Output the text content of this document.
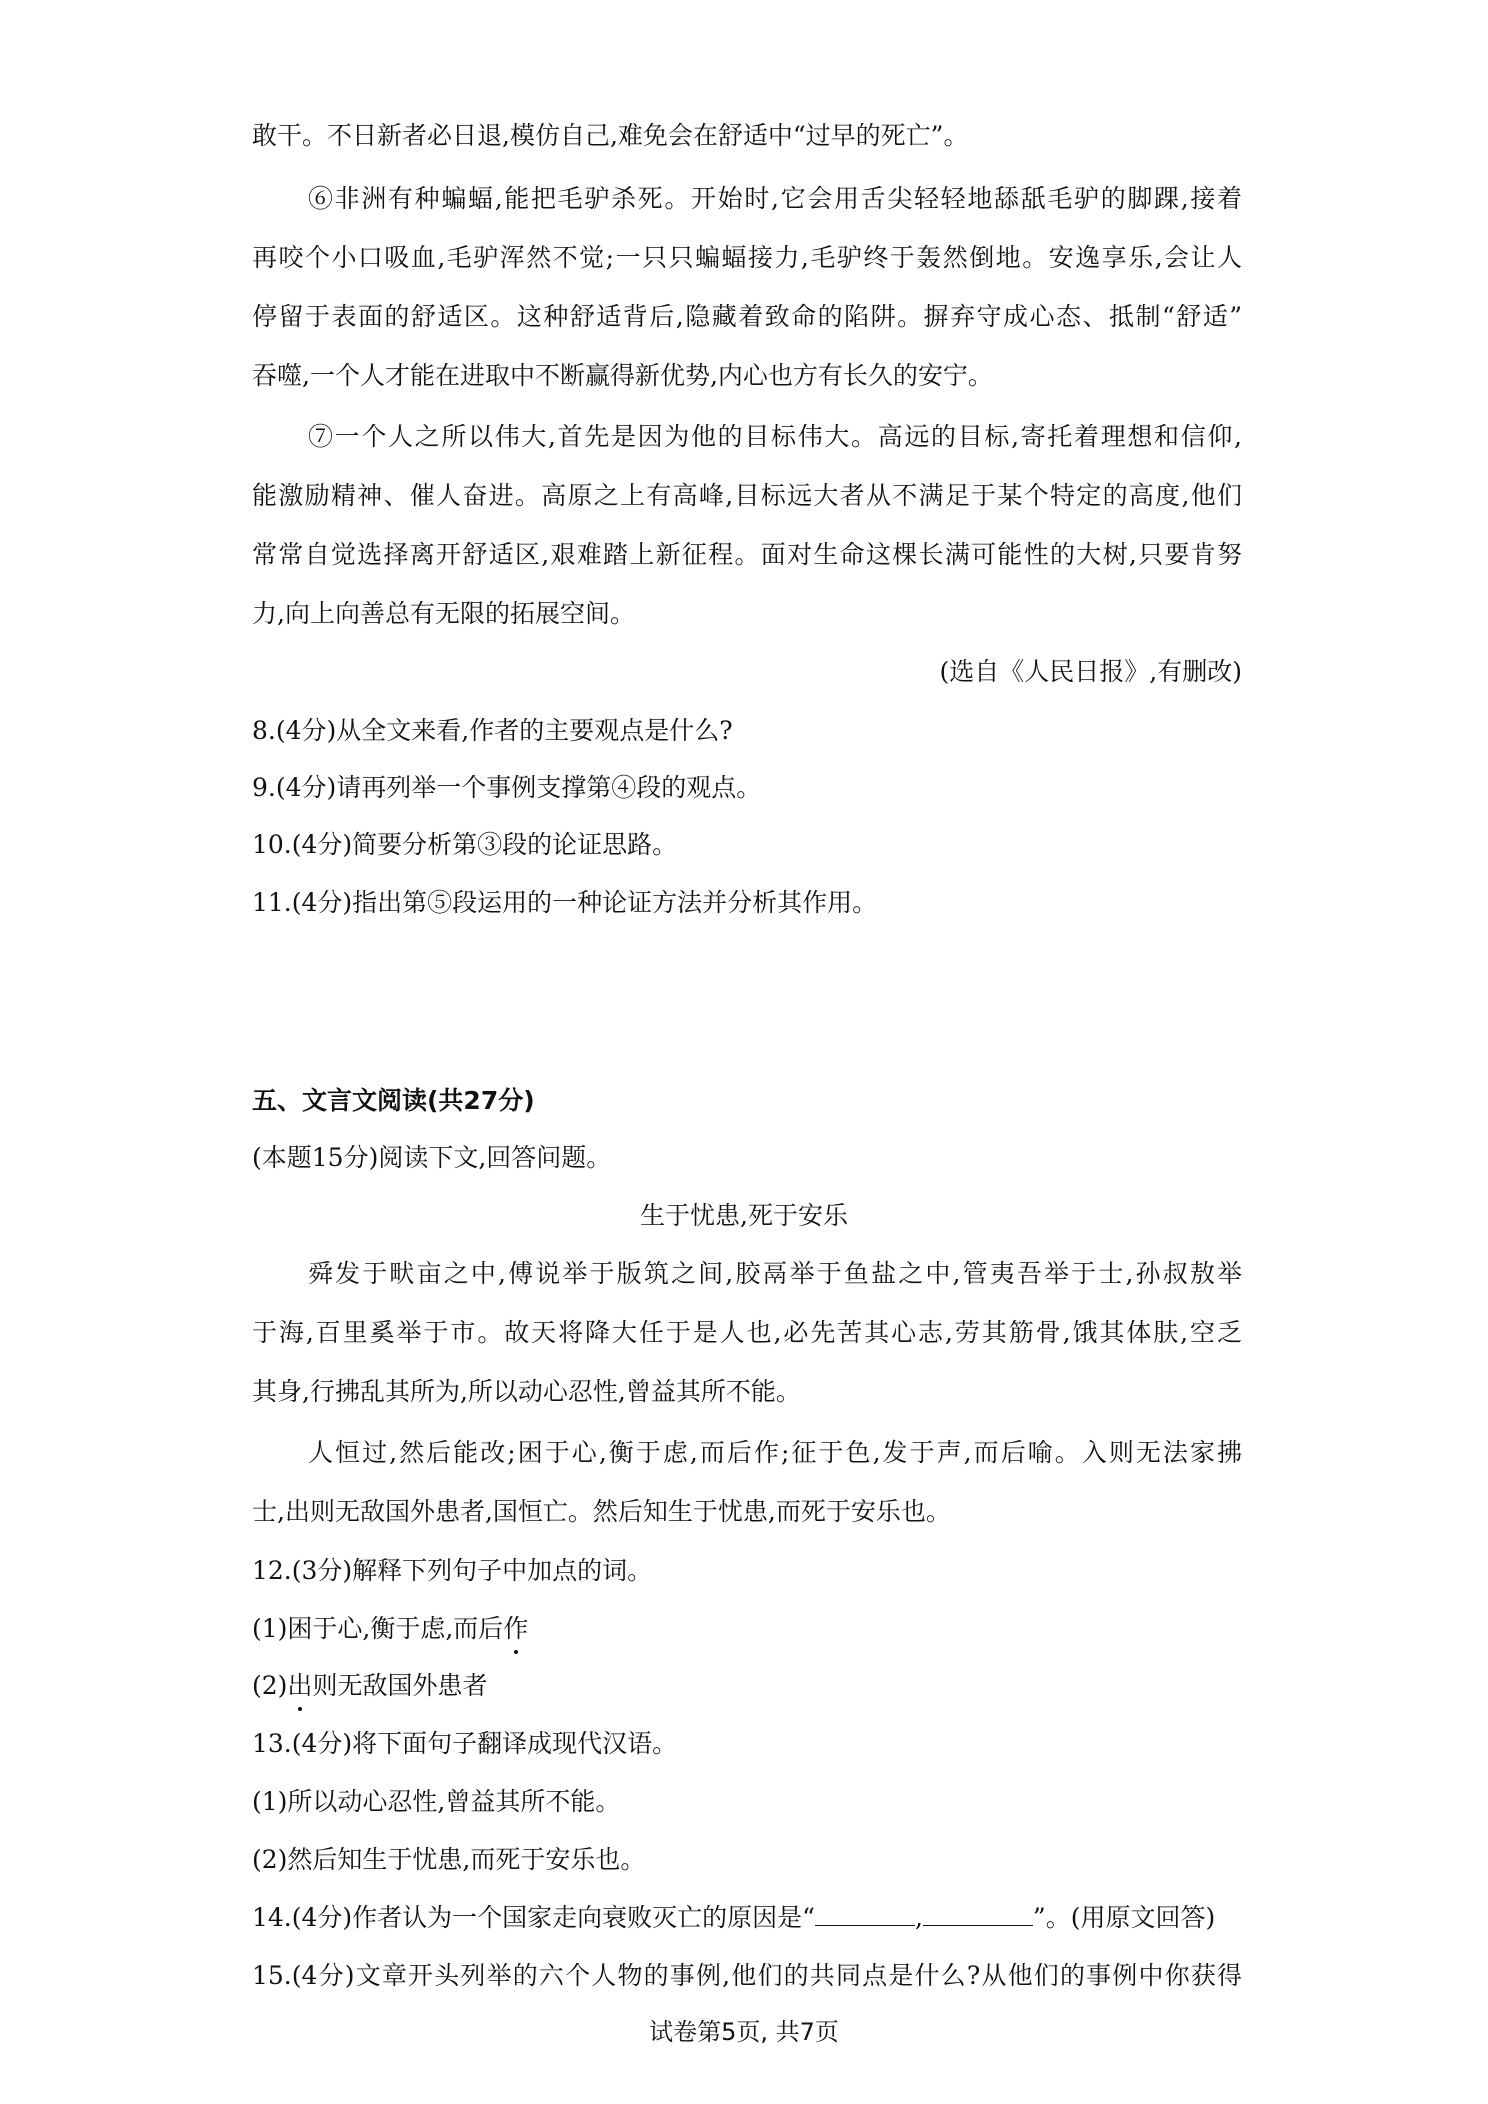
敢干。不日新者必日退,模仿自己,难免会在舒适中“过早的死亡”。
⑥非洲有种蝙蝠,能把毛驴杀死。开始时,它会用舌尖轻轻地舔舐毛驴的脚踝,接着
再咬个小口吸血,毛驴浑然不觉;一只只蝙蝠接力,毛驴终于轰然倒地。安逸享乐,会让人
停留于表面的舒适区。这种舒适背后,隐藏着致命的陷阱。摒弃守成心态、抵制“舒适”
吞噬,一个人才能在进取中不断赢得新优势,内心也方有长久的安宁。
⑦一个人之所以伟大,首先是因为他的目标伟大。高远的目标,寄托着理想和信仰,
能激励精神、催人奋进。高原之上有高峰,目标远大者从不满足于某个特定的高度,他们
常常自觉选择离开舒适区,艰难踏上新征程。面对生命这棵长满可能性的大树,只要肯努
力,向上向善总有无限的拓展空间。
(选自《人民日报》,有删改)
8.(4分)从全文来看,作者的主要观点是什么?
9.(4分)请再列举一个事例支撑第④段的观点。
10.(4分)简要分析第③段的论证思路。
11.(4分)指出第⑤段运用的一种论证方法并分析其作用。
五、文言文阅读(共27分)
(本题15分)阅读下文,回答问题。
生于忧患,死于安乐
舜发于畎亩之中,傅说举于版筑之间,胶鬲举于鱼盐之中,管夷吾举于士,孙叔敖举
于海,百里奚举于市。故天将降大任于是人也,必先苦其心志,劳其筋骨,饿其体肤,空乏
其身,行拂乱其所为,所以动心忍性,曾益其所不能。
人恒过,然后能改;困于心,衡于虑,而后作;征于色,发于声,而后喻。入则无法家拂
士,出则无敌国外患者,国恒亡。然后知生于忧患,而死于安乐也。
12.(3分)解释下列句子中加点的词。
(1)困于心,衡于虑,而后作
(2)出则无敌国外患者
13.(4分)将下面句子翻译成现代汉语。
(1)所以动心忍性,曾益其所不能。
(2)然后知生于忧患,而死于安乐也。
14.(4分)作者认为一个国家走向衰败灭亡的原因是“	,	”。(用原文回答)
15.(4分)文章开头列举的六个人物的事例,他们的共同点是什么?从他们的事例中你获得
试卷第5页, 共7页
